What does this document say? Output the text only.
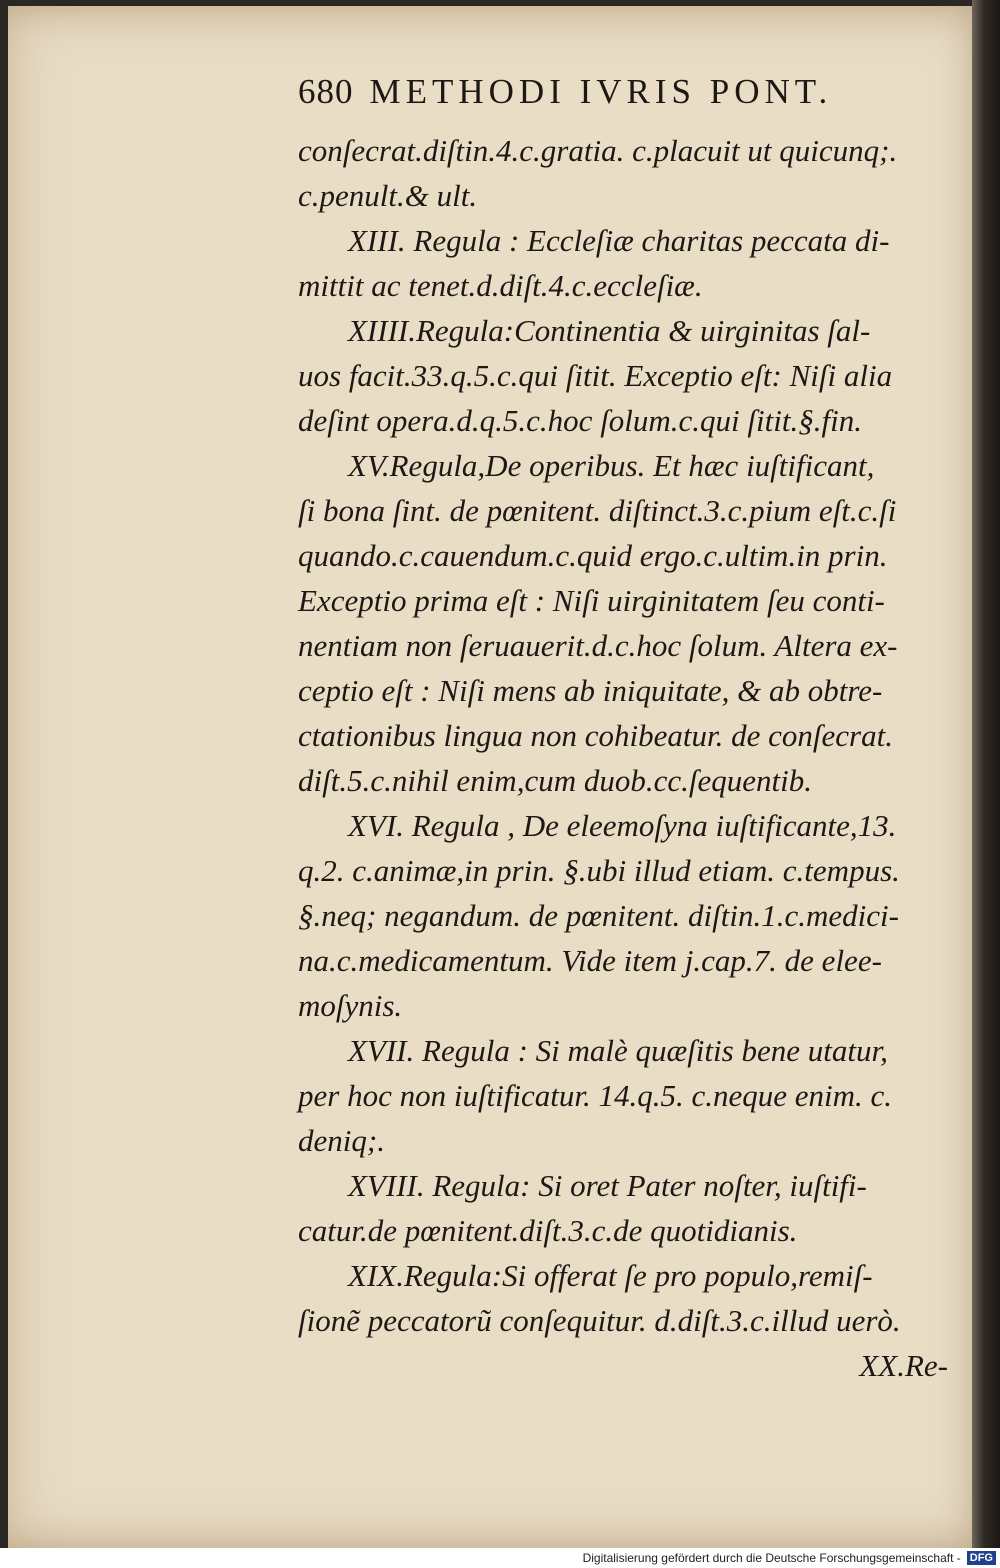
680 METHODI IVRIS PONT.
conſecrat.diſtin.4.c.gratia. c.placuit ut quicunq;.
c.penult.& ult.
XIII. Regula : Eccleſiæ charitas peccata di-
mittit ac tenet.d.diſt.4.c.eccleſiæ.
XIIII.Regula:Continentia & uirginitas ſal-
uos facit.33.q.5.c.qui ſitit. Exceptio eſt: Niſi alia
deſint opera.d.q.5.c.hoc ſolum.c.qui ſitit.§.fin.
XV.Regula,De operibus. Et hæc iuſtificant,
ſi bona ſint. de pœnitent. diſtinct.3.c.pium eſt.c.ſi
quando.c.cauendum.c.quid ergo.c.ultim.in prin.
Exceptio prima eſt : Niſi uirginitatem ſeu conti-
nentiam non ſeruauerit.d.c.hoc ſolum. Altera ex-
ceptio eſt : Niſi mens ab iniquitate, & ab obtre-
ctationibus lingua non cohibeatur. de conſecrat.
diſt.5.c.nihil enim,cum duob.cc.ſequentib.
XVI. Regula , De eleemoſyna iuſtificante,13.
q.2. c.animæ,in prin. §.ubi illud etiam. c.tempus.
§.neq; negandum. de pœnitent. diſtin.1.c.medici-
na.c.medicamentum. Vide item j.cap.7. de elee-
moſynis.
XVII. Regula : Si malè quæſitis bene utatur,
per hoc non iuſtificatur. 14.q.5. c.neque enim. c.
deniq;.
XVIII. Regula: Si oret Pater noſter, iuſtifi-
catur.de pœnitent.diſt.3.c.de quotidianis.
XIX.Regula:Si offerat ſe pro populo,remiſ-
ſionẽ peccatorũ conſequitur. d.diſt.3.c.illud uerò.
XX.Re-
Digitalisierung gefördert durch die Deutsche Forschungsgemeinschaft - DFG
